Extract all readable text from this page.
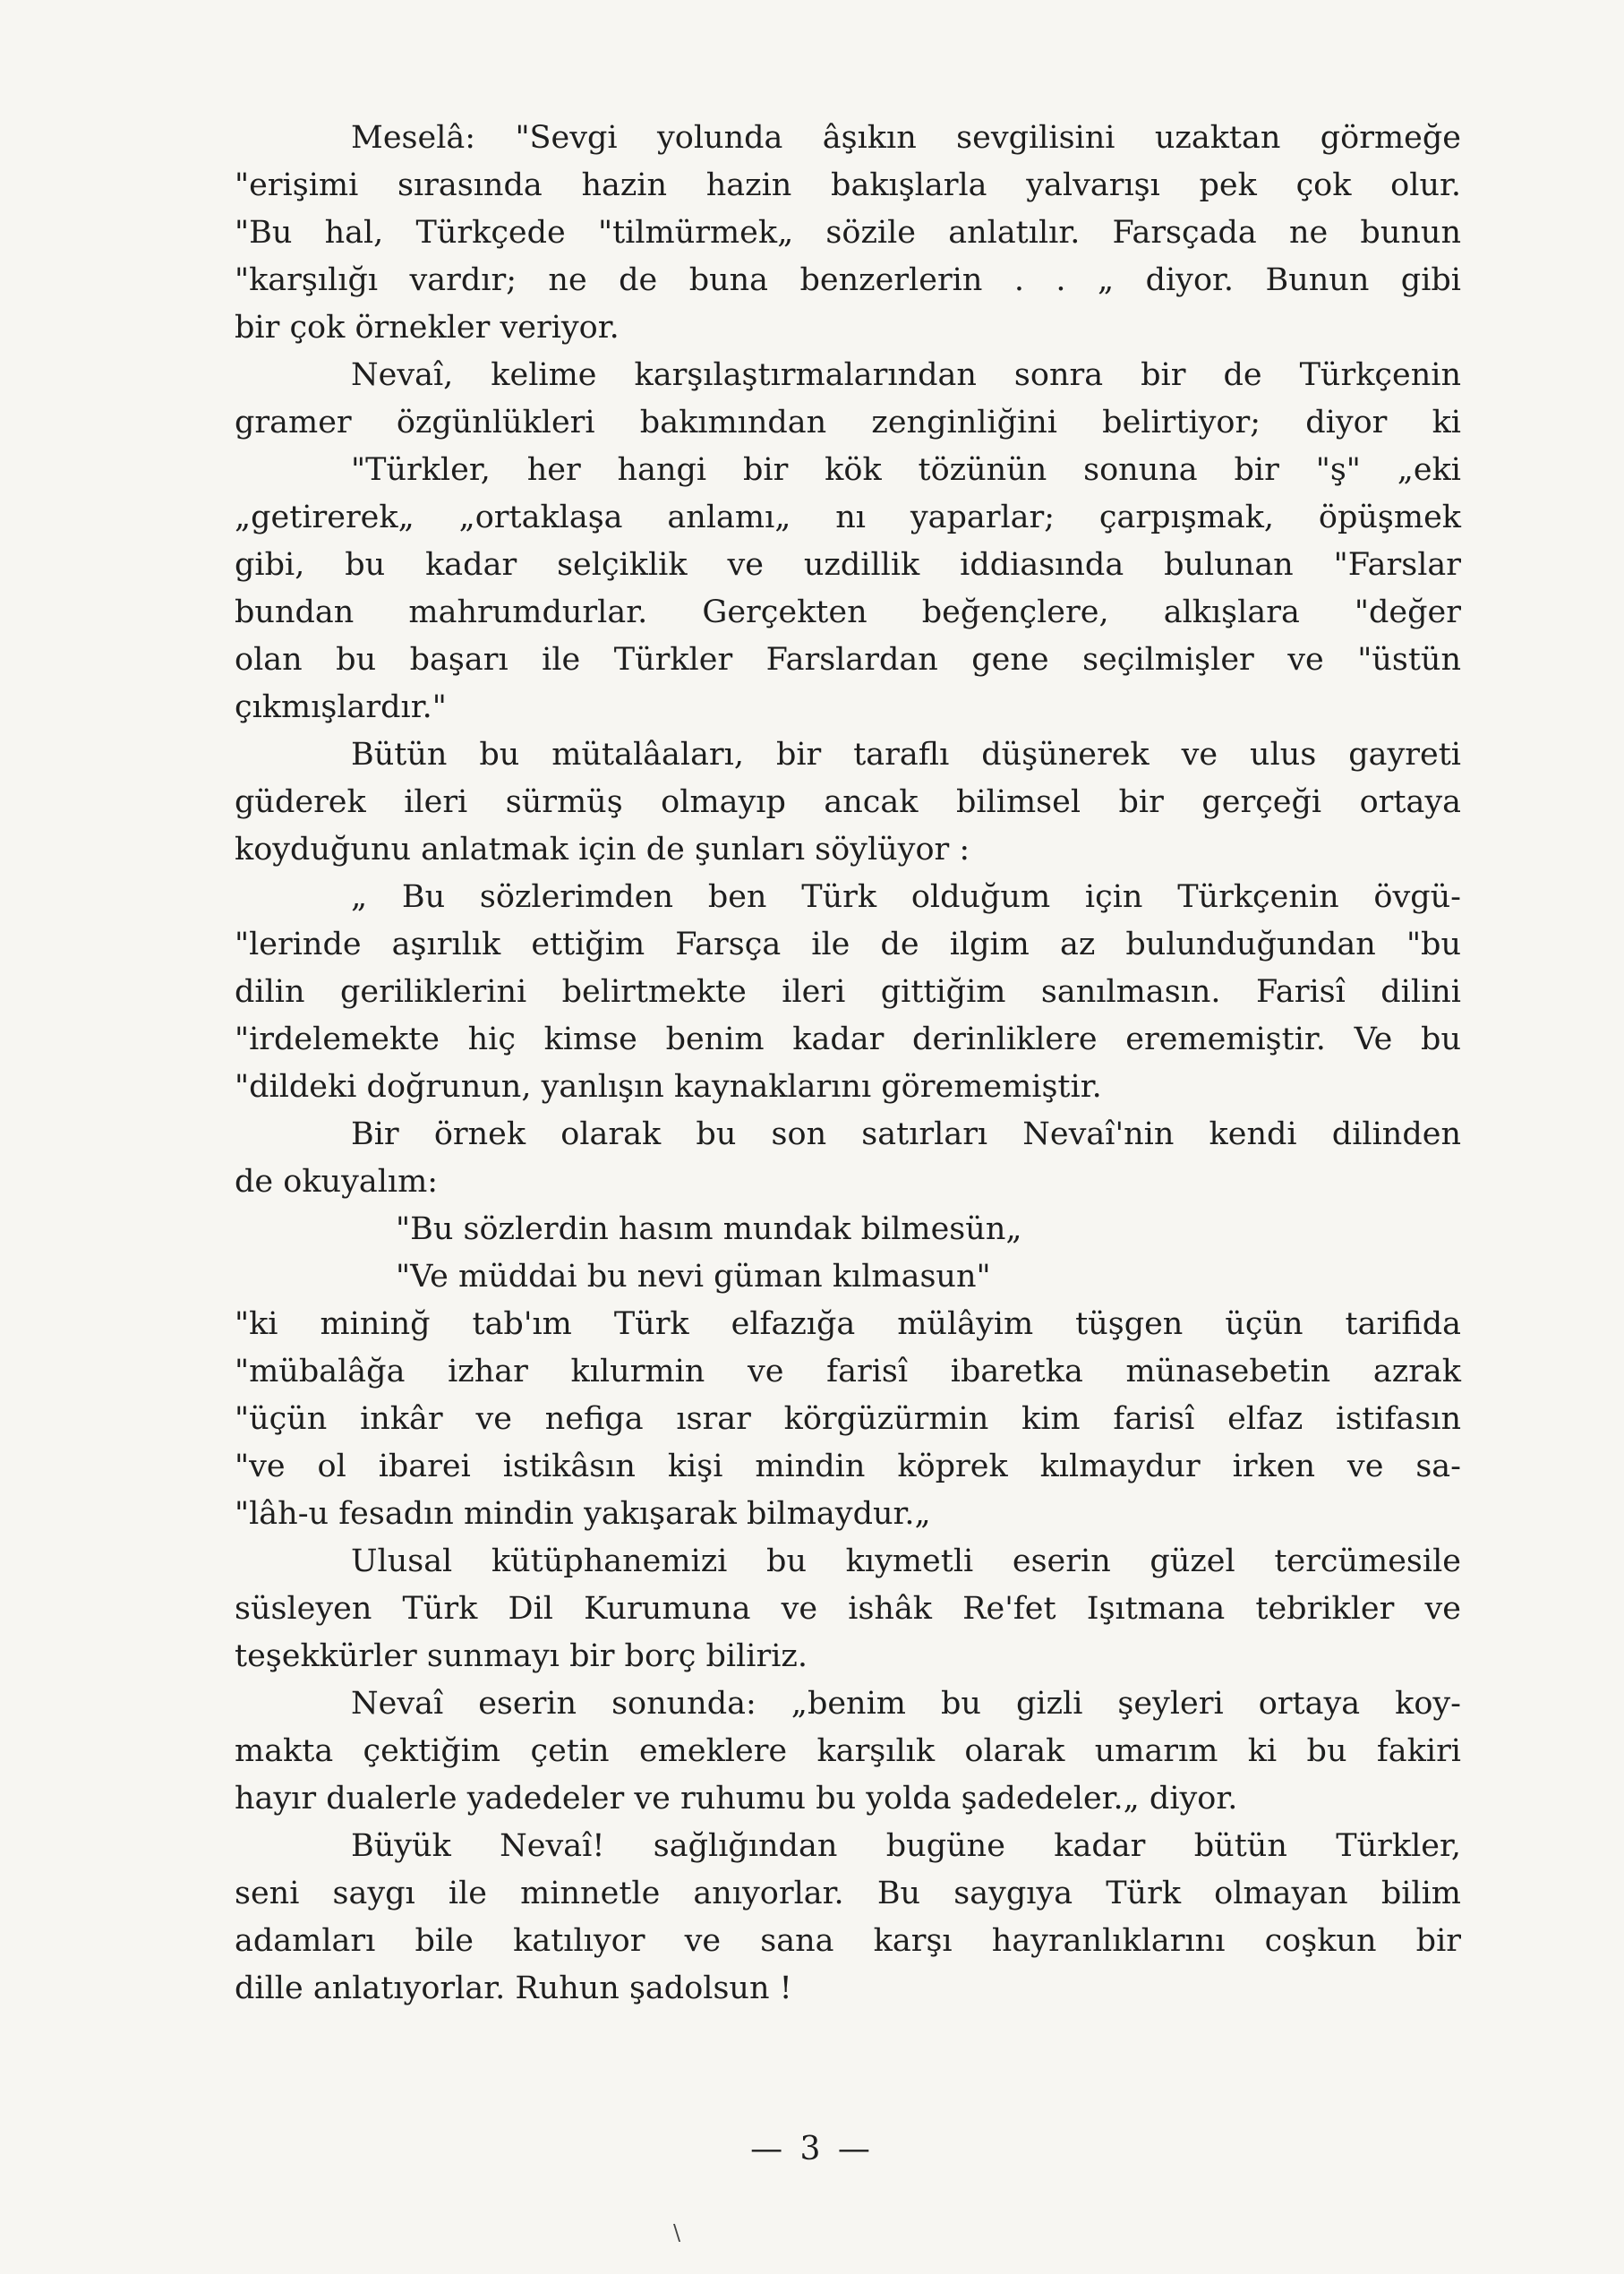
Meselâ: "Sevgi yolunda âşıkın sevgilisini uzaktan görmeğe
"erişimi sırasında hazin hazin bakışlarla yalvarışı pek çok olur.
"Bu hal, Türkçede "tilmürmek„ sözile anlatılır. Farsçada ne bunun
"karşılığı vardır; ne de buna benzerlerin . . „ diyor. Bunun gibi
bir çok örnekler veriyor.
Nevaî, kelime karşılaştırmalarından sonra bir de Türkçenin
gramer özgünlükleri bakımından zenginliğini belirtiyor; diyor ki
"Türkler, her hangi bir kök tözünün sonuna bir "ş" „eki
„getirerek„ „ortaklaşa anlamı„ nı yaparlar; çarpışmak, öpüşmek
gibi, bu kadar selçiklik ve uzdillik iddiasında bulunan "Farslar
bundan mahrumdurlar. Gerçekten beğençlere, alkışlara "değer
olan bu başarı ile Türkler Farslardan gene seçilmişler ve "üstün
çıkmışlardır."
Bütün bu mütalâaları, bir taraflı düşünerek ve ulus gayreti
güderek ileri sürmüş olmayıp ancak bilimsel bir gerçeği ortaya
koyduğunu anlatmak için de şunları söylüyor :
„ Bu sözlerimden ben Türk olduğum için Türkçenin övgü-
"lerinde aşırılık ettiğim Farsça ile de ilgim az bulunduğundan "bu
dilin geriliklerini belirtmekte ileri gittiğim sanılmasın. Farisî dilini
"irdelemekte hiç kimse benim kadar derinliklere erememiştir. Ve bu
"dildeki doğrunun, yanlışın kaynaklarını görememiştir.
Bir örnek olarak bu son satırları Nevaî'nin kendi dilinden
de okuyalım:
"Bu sözlerdin hasım mundak bilmesün„
"Ve müddai bu nevi güman kılmasun"
"ki mininğ tab'ım Türk elfazığa mülâyim tüşgen üçün tarifida
"mübalâğa izhar kılurmin ve farisî ibaretka münasebetin azrak
"üçün inkâr ve nefiga ısrar körgüzürmin kim farisî elfaz istifasın
"ve ol ibarei istikâsın kişi mindin köprek kılmaydur irken ve sa-
"lâh-u fesadın mindin yakışarak bilmaydur.„
Ulusal kütüphanemizi bu kıymetli eserin güzel tercümesile
süsleyen Türk Dil Kurumuna ve ishâk Re'fet Işıtmana tebrikler ve
teşekkürler sunmayı bir borç biliriz.
Nevaî eserin sonunda: „benim bu gizli şeyleri ortaya koy-
makta çektiğim çetin emeklere karşılık olarak umarım ki bu fakiri
hayır dualerle yadedeler ve ruhumu bu yolda şadedeler.„ diyor.
Büyük Nevaî! sağlığından bugüne kadar bütün Türkler,
seni saygı ile minnetle anıyorlar. Bu saygıya Türk olmayan bilim
adamları bile katılıyor ve sana karşı hayranlıklarını coşkun bir
dille anlatıyorlar. Ruhun şadolsun !
— 3 —
\
